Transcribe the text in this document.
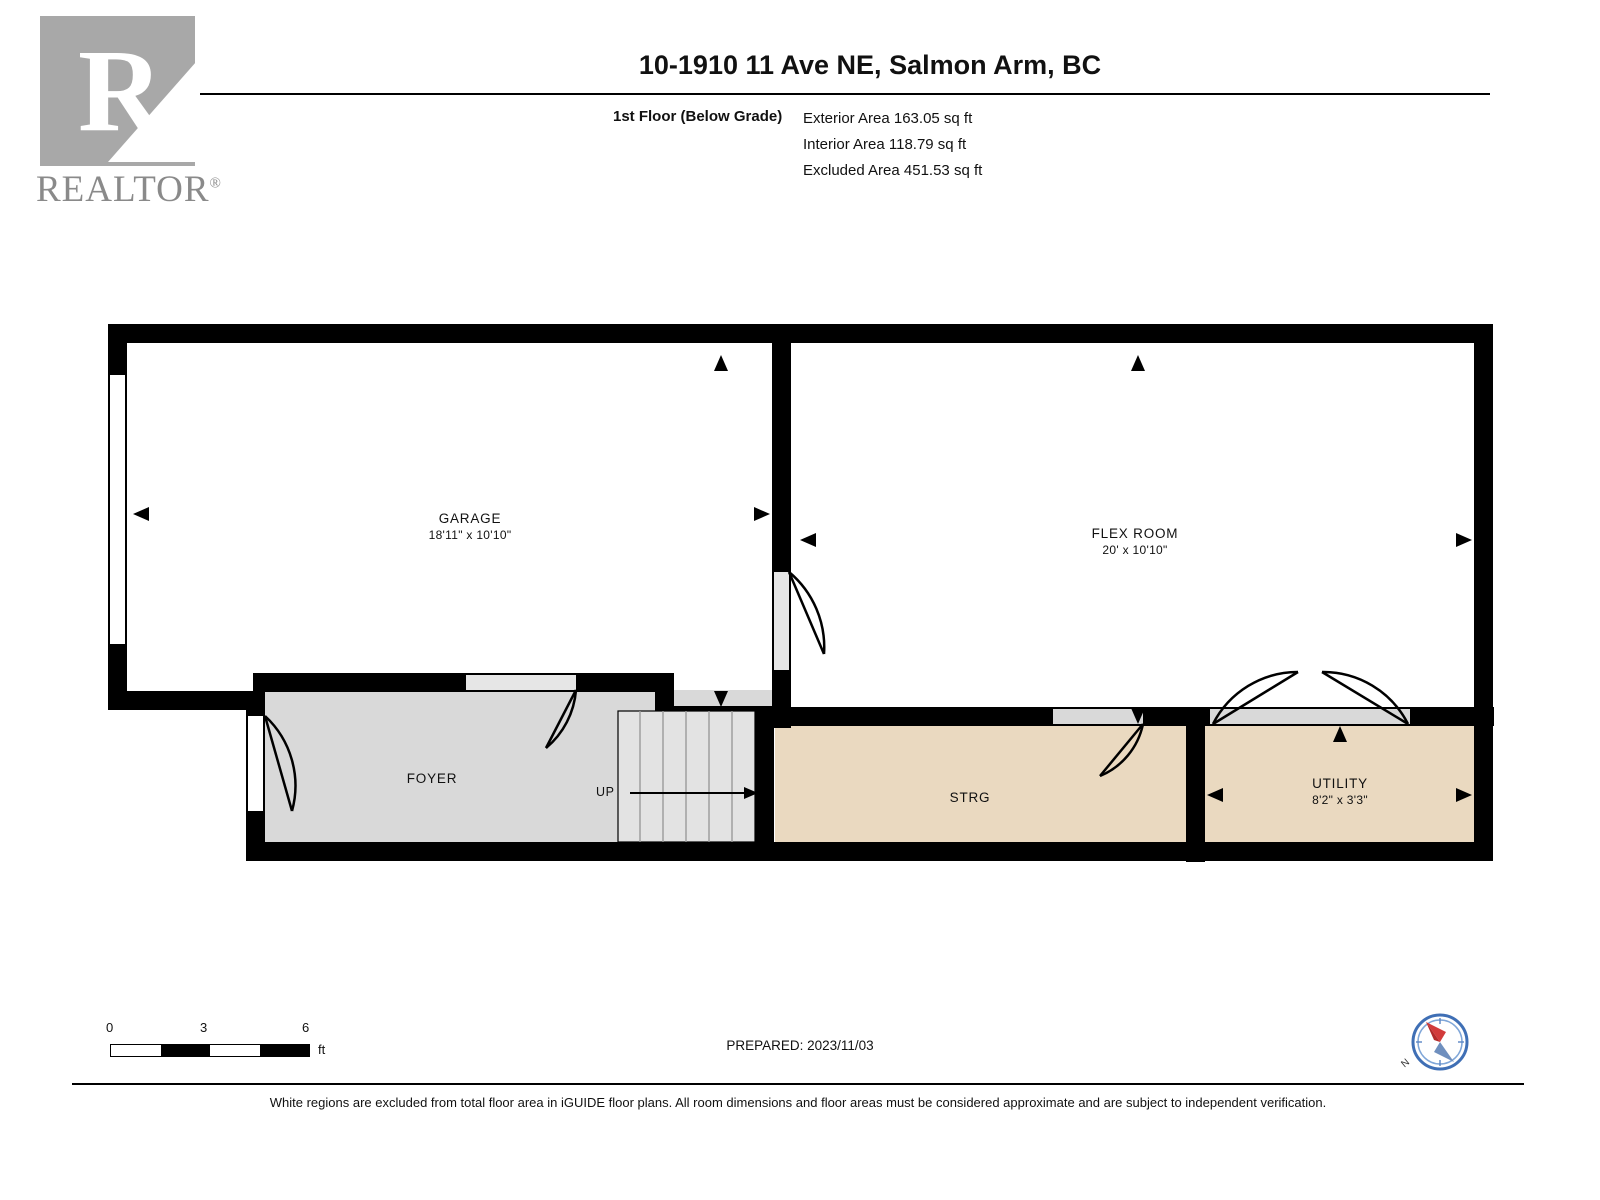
R
REALTOR®
10-1910 11 Ave NE, Salmon Arm, BC
1st Floor (Below Grade) Exterior Area 163.05 sq ft
Interior Area 118.79 sq ft
Excluded Area 451.53 sq ft
GARAGE
18'11" x 10'10"	FLEX ROOM
20' x 10'10"
FOYER
STRG
UTILITY
8'2" x 3'3"
UP
0	3	6
ft	PREPARED: 2023/11/03
N
White regions are excluded from total floor area in iGUIDE floor plans. All room dimensions and floor areas must be considered approximate and are subject to independent verification.
